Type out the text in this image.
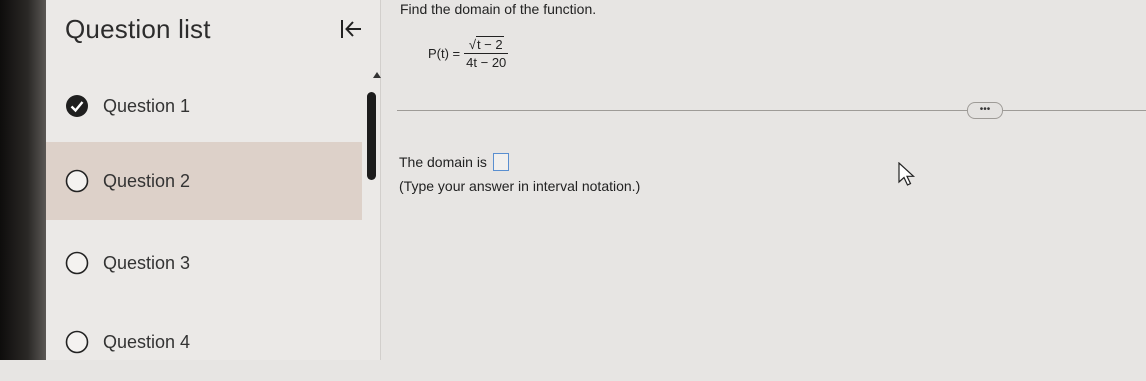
Question list
Question 1
Question 2
Question 3
Question 4
Find the domain of the function.
$P(t) = \frac{√ t - 2}{4t - 20}$
•••
The domain is
(Type your answer in interval notation.)
